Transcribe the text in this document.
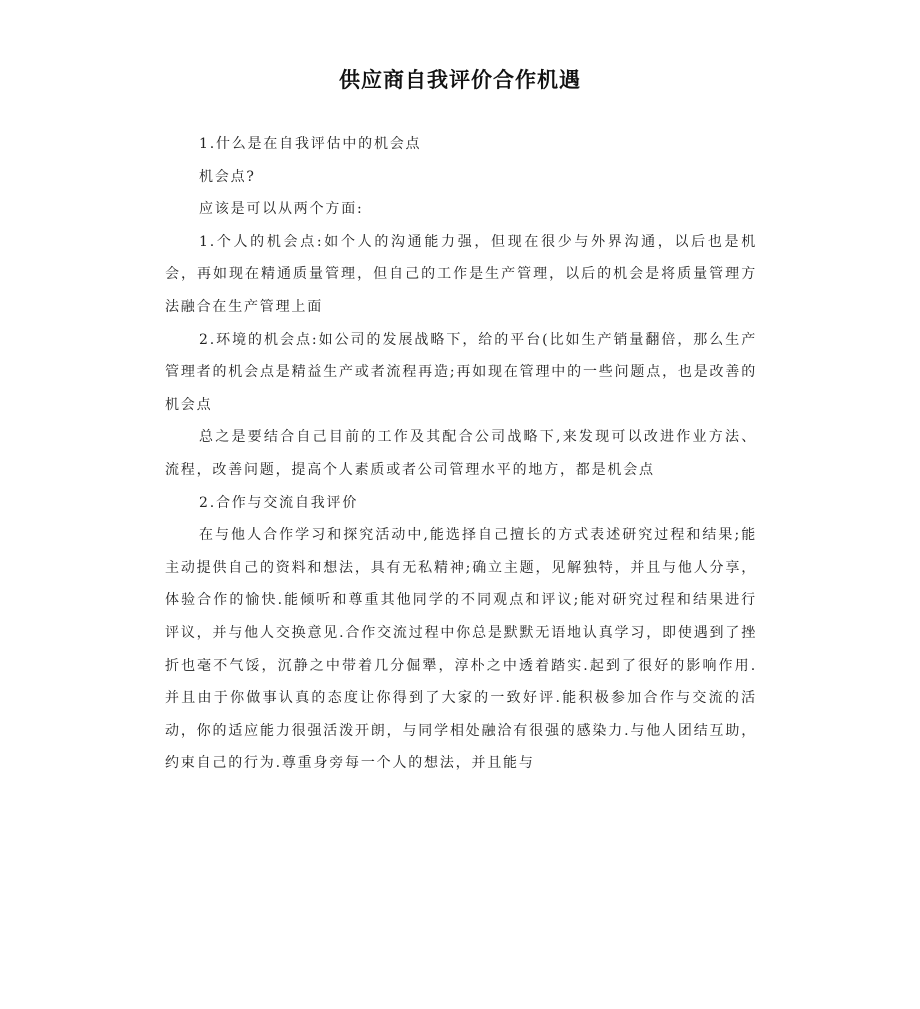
供应商自我评价合作机遇

1.什么是在自我评估中的机会点

机会点?

应该是可以从两个方面:

1.个人的机会点:如个人的沟通能力强，但现在很少与外界沟通，以后也是机会，再如现在精通质量管理，但自己的工作是生产管理，以后的机会是将质量管理方法融合在生产管理上面

2.环境的机会点:如公司的发展战略下，给的平台(比如生产销量翻倍，那么生产管理者的机会点是精益生产或者流程再造;再如现在管理中的一些问题点，也是改善的机会点

总之是要结合自己目前的工作及其配合公司战略下,来发现可以改进作业方法、流程，改善问题，提高个人素质或者公司管理水平的地方，都是机会点

2.合作与交流自我评价

在与他人合作学习和探究活动中,能选择自己擅长的方式表述研究过程和结果;能主动提供自己的资料和想法，具有无私精神;确立主题，见解独特，并且与他人分享，体验合作的愉快.能倾听和尊重其他同学的不同观点和评议;能对研究过程和结果进行评议，并与他人交换意见.合作交流过程中你总是默默无语地认真学习，即使遇到了挫折也毫不气馁，沉静之中带着几分倔犟，淳朴之中透着踏实.起到了很好的影响作用.并且由于你做事认真的态度让你得到了大家的一致好评.能积极参加合作与交流的活动，你的适应能力很强活泼开朗，与同学相处融洽有很强的感染力.与他人团结互助，约束自己的行为.尊重身旁每一个人的想法，并且能与
